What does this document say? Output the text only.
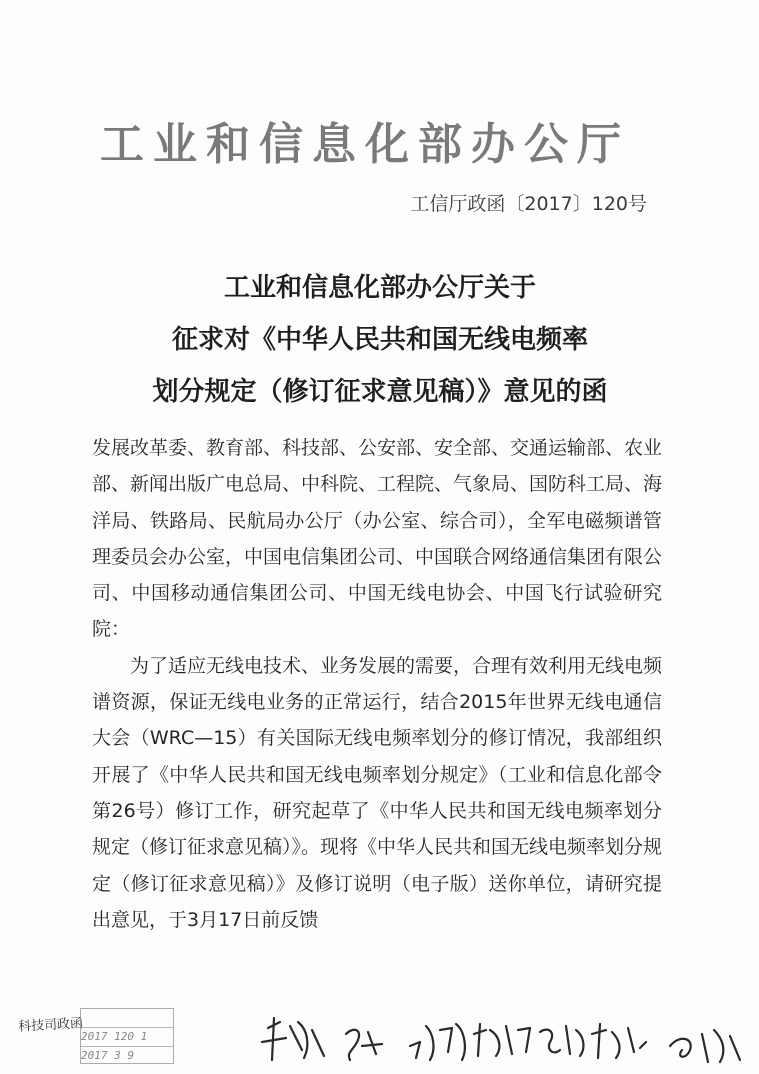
工业和信息化部办公厅
工信厅政函〔2017〕120号
工业和信息化部办公厅关于
征求对《中华人民共和国无线电频率
划分规定（修订征求意见稿）》意见的函

发展改革委、教育部、科技部、公安部、安全部、交通运输部、农业部、新闻出版广电总局、中科院、工程院、气象局、国防科工局、海洋局、铁路局、民航局办公厅（办公室、综合司），全军电磁频谱管理委员会办公室，中国电信集团公司、中国联合网络通信集团有限公司、中国移动通信集团公司、中国无线电协会、中国飞行试验研究院：

为了适应无线电技术、业务发展的需要，合理有效利用无线电频谱资源，保证无线电业务的正常运行，结合2015年世界无线电通信大会（WRC—15）有关国际无线电频率划分的修订情况，我部组织开展了《中华人民共和国无线电频率划分规定》（工业和信息化部令第26号）修订工作，研究起草了《中华人民共和国无线电频率划分规定（修订征求意见稿）》。现将《中华人民共和国无线电频率划分规定（修订征求意见稿）》及修订说明（电子版）送你单位，请研究提出意见，于3月17日前反馈

科技司政函

2017 120 1
2017 3 9
